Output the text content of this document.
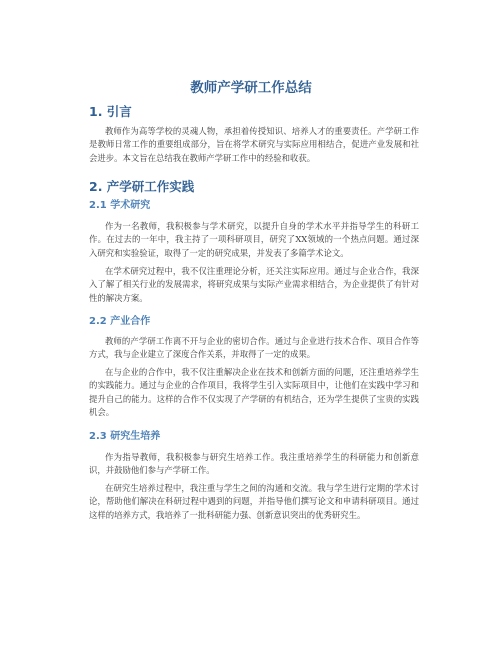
教师产学研工作总结
1. 引言
教师作为高等学校的灵魂人物，承担着传授知识、培养人才的重要责任。产学研工作是教师日常工作的重要组成部分，旨在将学术研究与实际应用相结合，促进产业发展和社会进步。本文旨在总结我在教师产学研工作中的经验和收获。
2. 产学研工作实践
2.1 学术研究
作为一名教师，我积极参与学术研究，以提升自身的学术水平并指导学生的科研工作。在过去的一年中，我主持了一项科研项目，研究了XX领域的一个热点问题。通过深入研究和实验验证，取得了一定的研究成果，并发表了多篇学术论文。
在学术研究过程中，我不仅注重理论分析，还关注实际应用。通过与企业合作，我深入了解了相关行业的发展需求，将研究成果与实际产业需求相结合，为企业提供了有针对性的解决方案。
2.2 产业合作
教师的产学研工作离不开与企业的密切合作。通过与企业进行技术合作、项目合作等方式，我与企业建立了深度合作关系，并取得了一定的成果。
在与企业的合作中，我不仅注重解决企业在技术和创新方面的问题，还注重培养学生的实践能力。通过与企业的合作项目，我将学生引入实际项目中，让他们在实践中学习和提升自己的能力。这样的合作不仅实现了产学研的有机结合，还为学生提供了宝贵的实践机会。
2.3 研究生培养
作为指导教师，我积极参与研究生培养工作。我注重培养学生的科研能力和创新意识，并鼓励他们参与产学研工作。
在研究生培养过程中，我注重与学生之间的沟通和交流。我与学生进行定期的学术讨论，帮助他们解决在科研过程中遇到的问题，并指导他们撰写论文和申请科研项目。通过这样的培养方式，我培养了一批科研能力强、创新意识突出的优秀研究生。
